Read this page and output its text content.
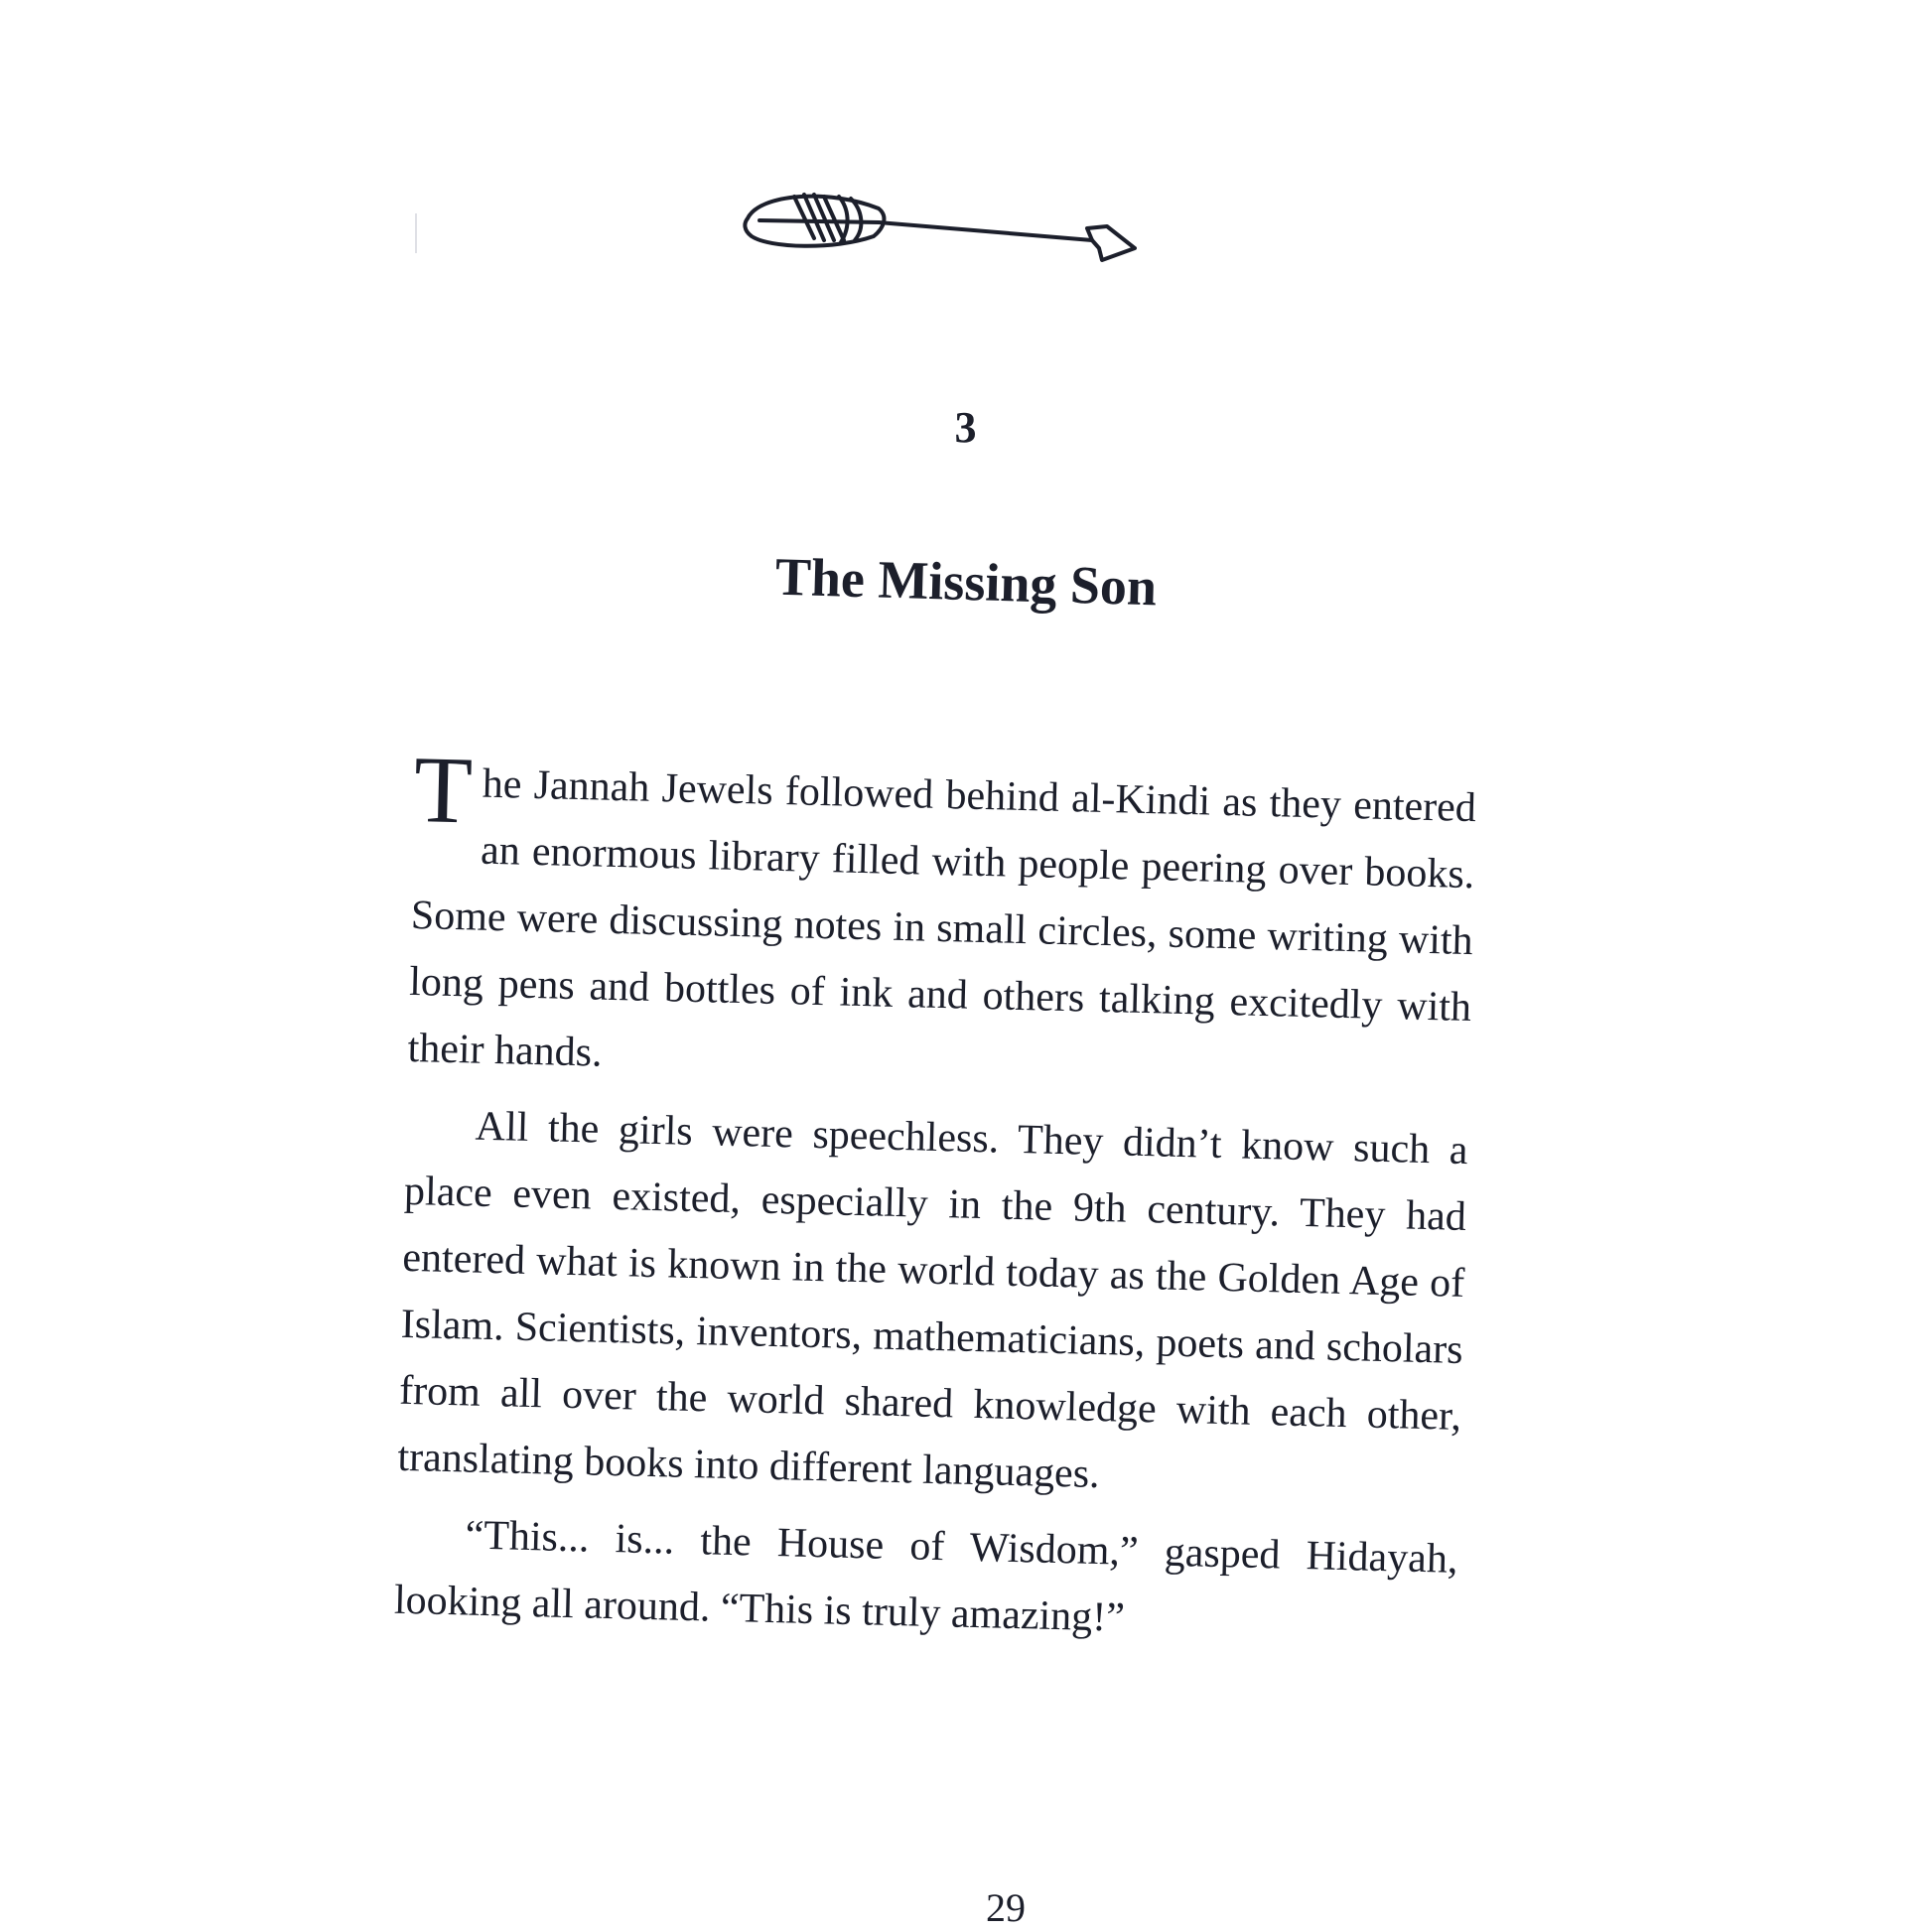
3
The Missing Son

The Jannah Jewels followed behind al-Kindi as they entered an enormous library filled with people peering over books. Some were discussing notes in small circles, some writing with long pens and bottles of ink and others talking excitedly with their hands.

All the girls were speechless. They didn’t know such a place even existed, especially in the 9th century. They had entered what is known in the world today as the Golden Age of Islam. Scientists, inventors, mathematicians, poets and scholars from all over the world shared knowledge with each other, translating books into different languages.

“This... is... the House of Wisdom,” gasped Hidayah, looking all around. “This is truly amazing!”

29
